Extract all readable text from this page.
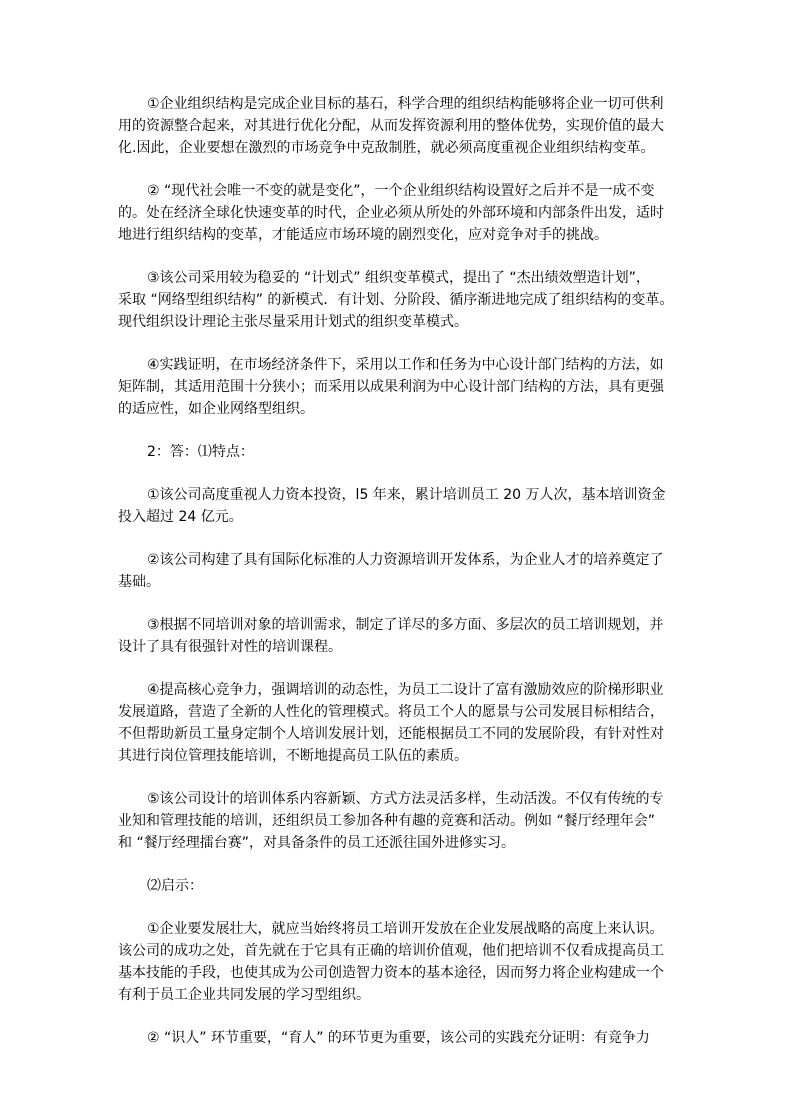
①企业组织结构是完成企业目标的基石，科学合理的组织结构能够将企业一切可供利
用的资源整合起来，对其进行优化分配，从而发挥资源利用的整体优势，实现价值的最大
化.因此，企业要想在激烈的市场竞争中克敌制胜，就必须高度重视企业组织结构变革。
② “现代社会唯一不变的就是变化”，一个企业组织结构设置好之后并不是一成不变
的。处在经济全球化快速变革的时代，企业必须从所处的外部环境和内部条件出发，适时
地进行组织结构的变革，才能适应市场环境的剧烈变化，应对竞争对手的挑战。
③该公司采用较为稳妥的 “计划式” 组织变革模式，提出了 “杰出绩效塑造计划”，
采取 “网络型组织结构” 的新模式．有计划、分阶段、循序渐进地完成了组织结构的变革。
现代组织设计理论主张尽量采用计划式的组织变革模式。
④实践证明，在市场经济条件下，采用以工作和任务为中心设计部门结构的方法，如
矩阵制，其适用范围十分狭小；而采用以成果利润为中心设计部门结构的方法，具有更强
的适应性，如企业网络型组织。
2：答：⑴特点：
①该公司高度重视人力资本投资，l5 年来，累计培训员工 20 万人次，基本培训资金
投入超过 24 亿元。
②该公司构建了具有国际化标准的人力资源培训开发体系，为企业人才的培养奠定了
基础。
③根据不同培训对象的培训需求，制定了详尽的多方面、多层次的员工培训规划，并
设计了具有很强针对性的培训课程。
④提高核心竞争力，强调培训的动态性，为员工二设计了富有激励效应的阶梯形职业
发展道路，营造了全新的人性化的管理模式。将员工个人的愿景与公司发展目标相结合，
不但帮助新员工量身定制个人培训发展计划，还能根据员工不同的发展阶段，有针对性对
其进行岗位管理技能培训，不断地提高员工队伍的素质。
⑤该公司设计的培训体系内容新颖、方式方法灵活多样，生动活泼。不仅有传统的专
业知和管理技能的培训，还组织员工参加各种有趣的竞赛和活动。例如 “餐厅经理年会”
和 “餐厅经理擂台赛”，对具备条件的员工还派往国外进修实习。
⑵启示：
①企业要发展壮大，就应当始终将员工培训开发放在企业发展战略的高度上来认识。
该公司的成功之处，首先就在于它具有正确的培训价值观，他们把培训不仅看成提高员工
基本技能的手段，也使其成为公司创造智力资本的基本途径，因而努力将企业构建成一个
有利于员工企业共同发展的学习型组织。
② “识人” 环节重要，“育人” 的环节更为重要，该公司的实践充分证明：有竞争力
